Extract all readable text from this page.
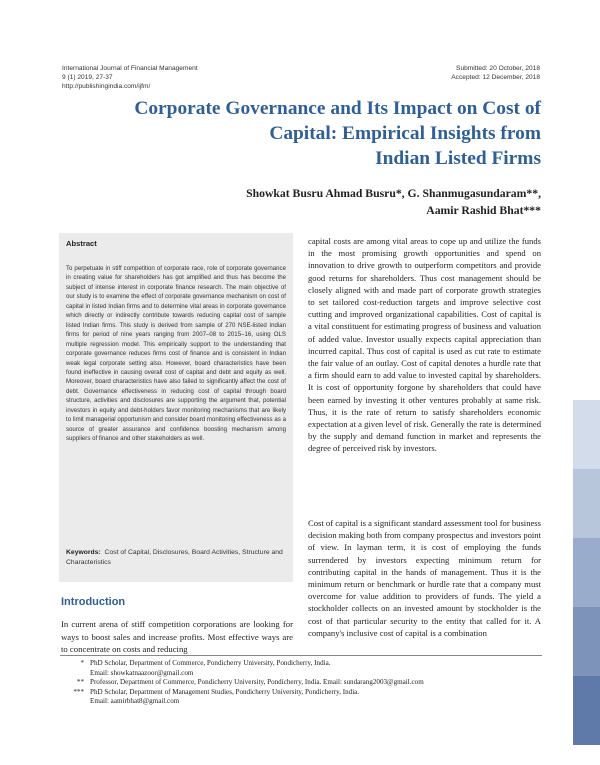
International Journal of Financial Management
9 (1) 2019, 27-37
http://publishingindia.com/ijfm/
Submitted: 20 October, 2018
Accepted: 12 December, 2018
Corporate Governance and Its Impact on Cost of
Capital: Empirical Insights from
Indian Listed Firms
Showkat Busru Ahmad Busru*, G. Shanmugasundaram**,
Aamir Rashid Bhat***
Abstract

To perpetuate in stiff competition of corporate race, role of corporate governance in creating value for shareholders has got amplified and thus has become the subject of intense interest in corporate finance research. The main objective of our study is to examine the effect of corporate governance mechanism on cost of capital in listed Indian firms and to determine vital areas in corporate governance which directly or indirectly contribute towards reducing capital cost of sample listed Indian firms. This study is derived from sample of 270 NSE-listed Indian firms for period of nine years ranging from 2007–08 to 2015–16, using OLS multiple regression model. This empirically support to the understanding that corporate governance reduces firms cost of finance and is consistent in Indian weak legal corporate setting also. However, board characteristics have been found ineffective in causing overall cost of capital and debt and equity as well. Moreover, board characteristics have also failed to significantly affect the cost of debt. Governance effectiveness in reducing cost of capital through board structure, activities and disclosures are supporting the argument that, potential investors in equity and debt-holders favor monitoring mechanisms that are likely to limit managerial opportunism and consider board monitoring effectiveness as a source of greater assurance and confidence boosting mechanism among suppliers of finance and other stakeholders as well.

Keywords: Cost of Capital, Disclosures, Board Activities, Structure and Characteristics

Introduction

In current arena of stiff competition corporations are looking for ways to boost sales and increase profits. Most effective ways are to concentrate on costs and reducing

capital costs are among vital areas to cope up and utilize the funds in the most promising growth opportunities and spend on innovation to drive growth to outperform competitors and provide good returns for shareholders. Thus cost management should be closely aligned with and made part of corporate growth strategies to set tailored cost-reduction targets and improve selective cost cutting and improved organizational capabilities. Cost of capital is a vital constituent for estimating progress of business and valuation of added value. Investor usually expects capital appreciation than incurred capital. Thus cost of capital is used as cut rate to estimate the fair value of an outlay. Cost of capital denotes a hurdle rate that a firm should earn to add value to invested capital by shareholders. It is cost of opportunity forgone by shareholders that could have been earned by investing it other ventures probably at same risk. Thus, it is the rate of return to satisfy shareholders economic expectation at a given level of risk. Generally the rate is determined by the supply and demand function in market and represents the degree of perceived risk by investors.

Cost of capital is a significant standard assessment tool for business decision making both from company prospectus and investors point of view. In layman term, it is cost of employing the funds surrendered by investors expecting minimum return for contributing capital in the hands of management. Thus it is the minimum return or benchmark or hurdle rate that a company must overcome for value addition to providers of funds. The yield a stockholder collects on an invested amount by stockholder is the cost of that particular security to the entity that called for it. A company's inclusive cost of capital is a combination

* PhD Scholar, Department of Commerce, Pondicherry University, Pondicherry, India.
Email: showkatnaazoor@gmail.com
** Professor, Department of Commerce, Pondicherry University, Pondicherry, India. Email: sundarang2003@gmail.com
*** PhD Scholar, Department of Management Studies, Pondicherry University, Pondicherry, India.
Email: aamirbhat8@gmail.com
